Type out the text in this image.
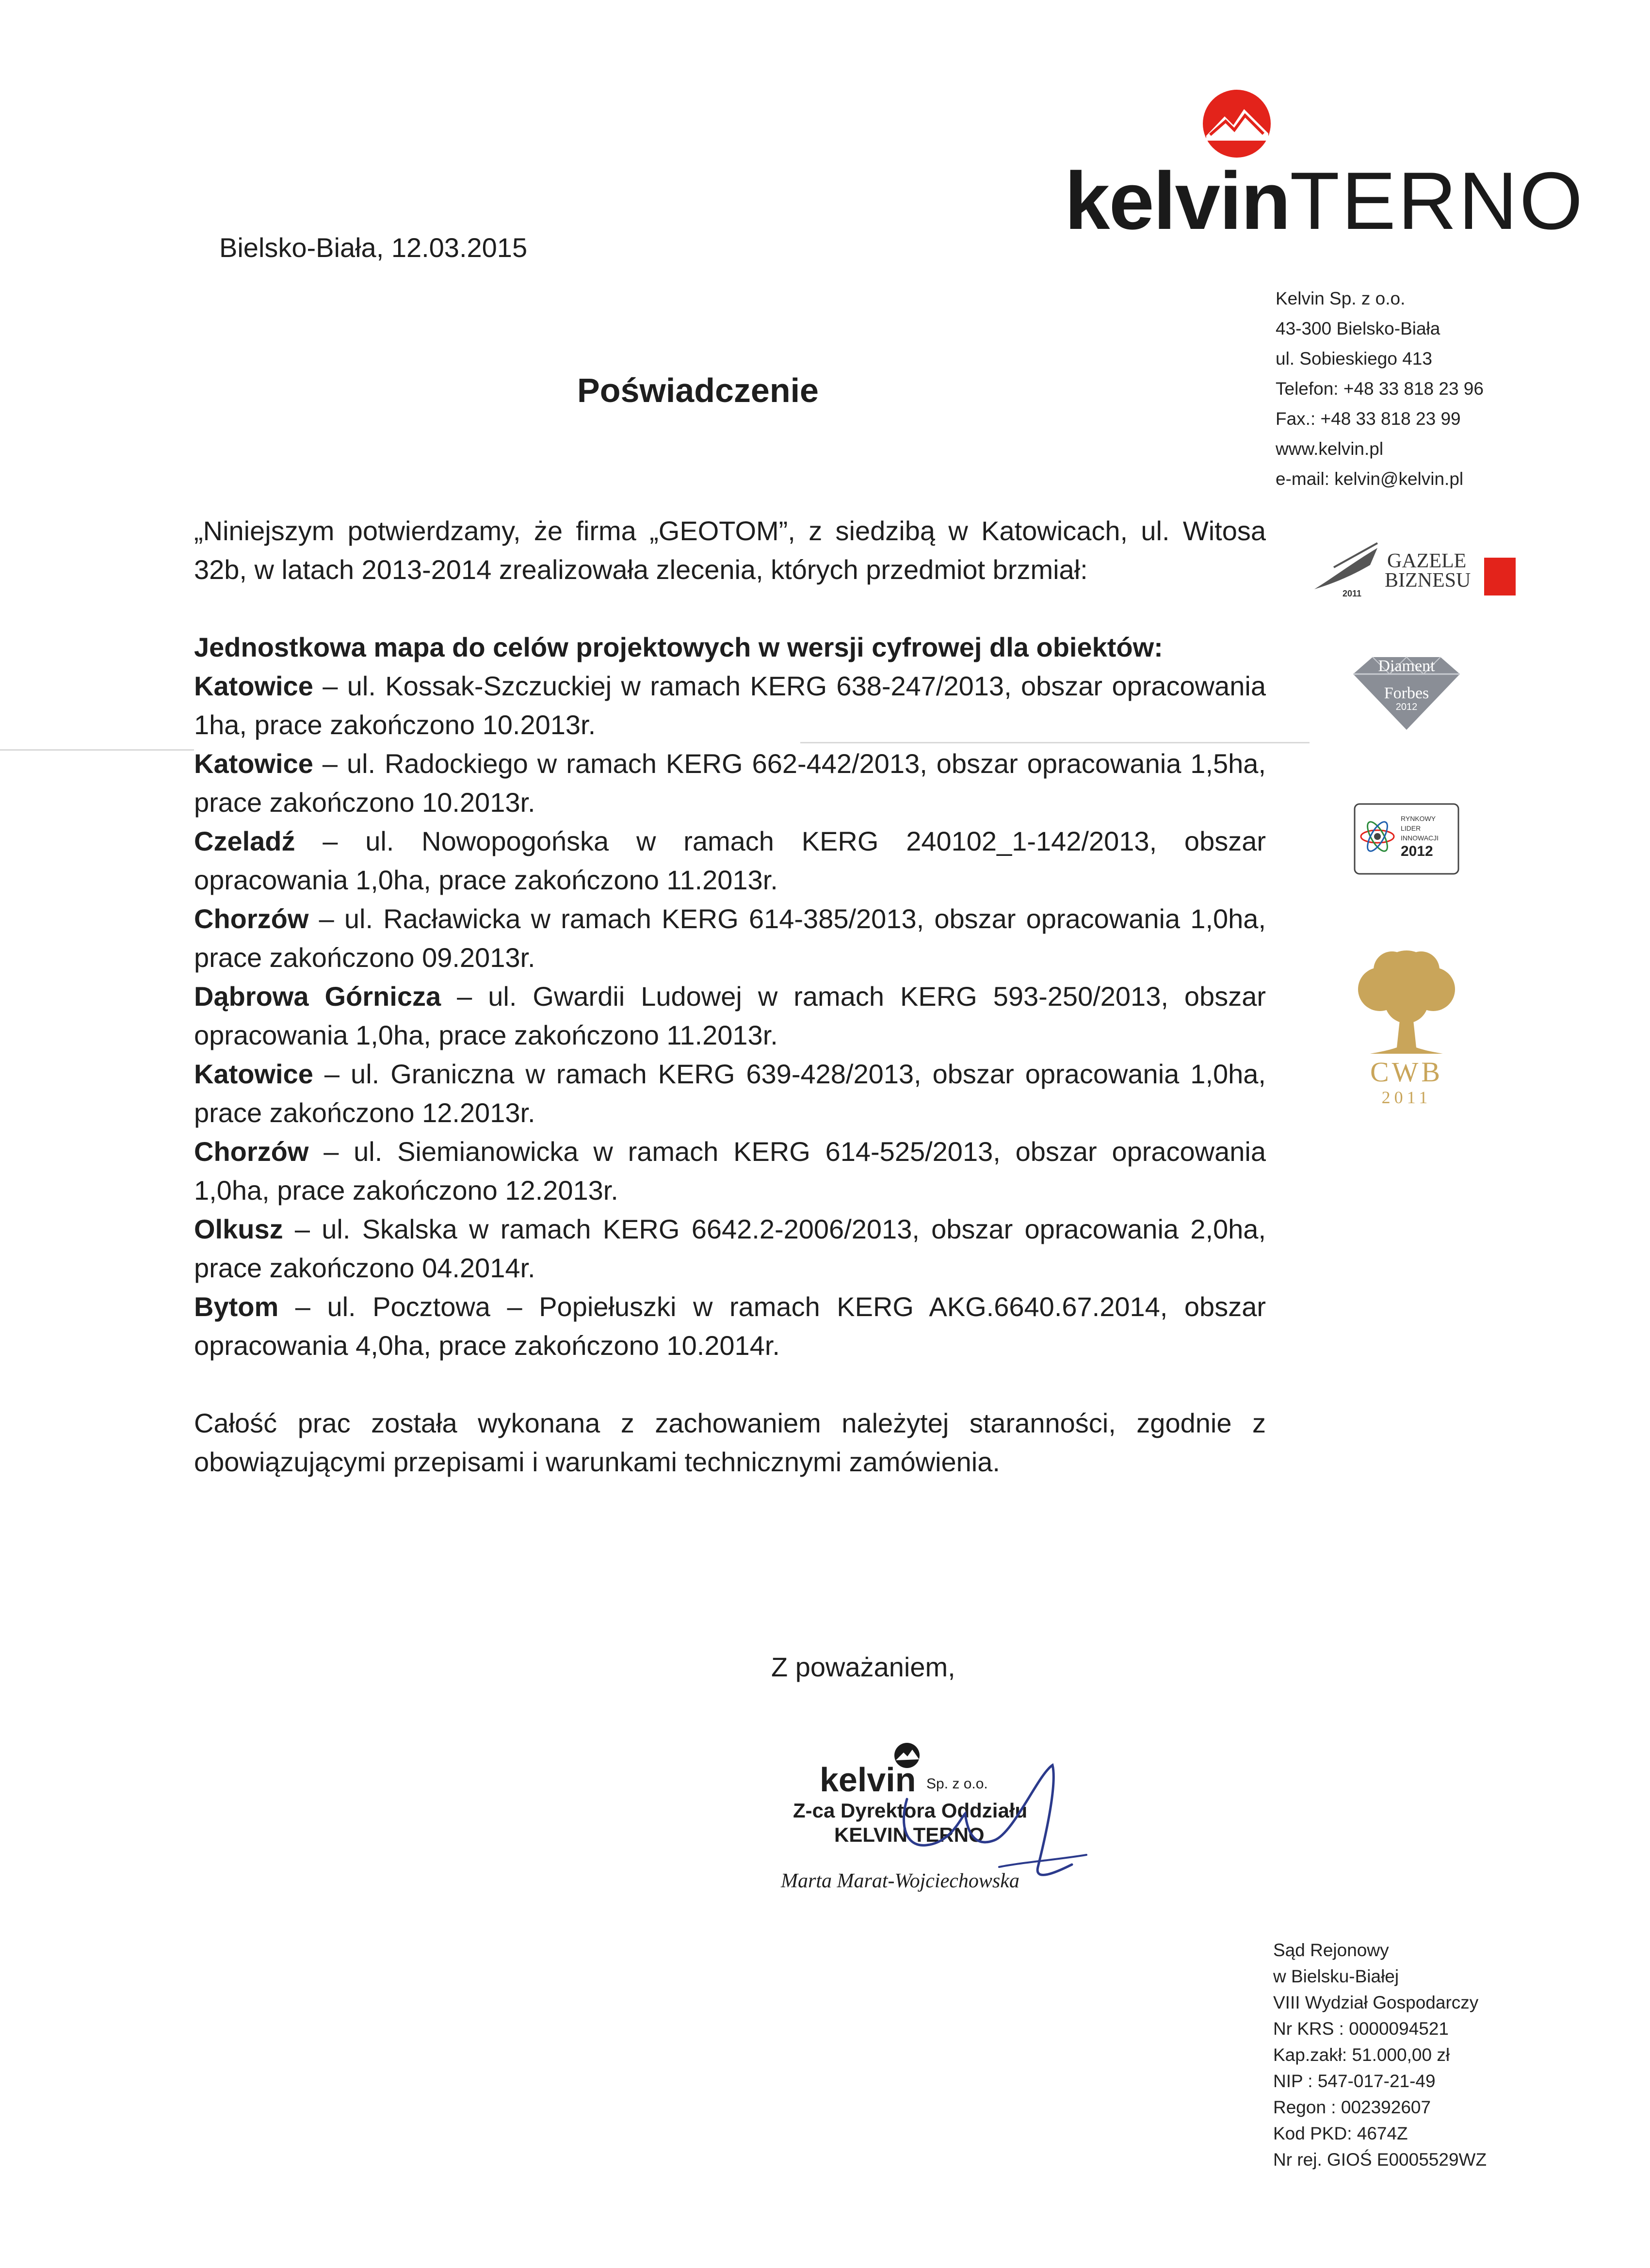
kelvinTERNO
Bielsko-Biała, 12.03.2015
Kelvin Sp. z o.o.
43-300 Bielsko-Biała
ul. Sobieskiego 413
Telefon: +48 33 818 23 96
Fax.: +48 33 818 23 99
www.kelvin.pl
e-mail: kelvin@kelvin.pl
Poświadczenie

„Niniejszym potwierdzamy, że firma „GEOTOM”, z siedzibą w Katowicach, ul. Witosa 32b, w latach 2013-2014 zrealizowała zlecenia, których przedmiot brzmiał:

Jednostkowa mapa do celów projektowych w wersji cyfrowej dla obiektów:

Katowice – ul. Kossak-Szczuckiej w ramach KERG 638-247/2013, obszar opracowania 1ha, prace zakończono 10.2013r.

Katowice – ul. Radockiego w ramach KERG 662-442/2013, obszar opracowania 1,5ha, prace zakończono 10.2013r.

Czeladź – ul. Nowopogońska w ramach KERG 240102_1-142/2013, obszar opracowania 1,0ha, prace zakończono 11.2013r.

Chorzów – ul. Racławicka w ramach KERG 614-385/2013, obszar opracowania 1,0ha, prace zakończono 09.2013r.

Dąbrowa Górnicza – ul. Gwardii Ludowej w ramach KERG 593-250/2013, obszar opracowania 1,0ha, prace zakończono 11.2013r.

Katowice – ul. Graniczna w ramach KERG 639-428/2013, obszar opracowania 1,0ha, prace zakończono 12.2013r.

Chorzów – ul. Siemianowicka w ramach KERG 614-525/2013, obszar opracowania 1,0ha, prace zakończono 12.2013r.

Olkusz – ul. Skalska w ramach KERG 6642.2-2006/2013, obszar opracowania 2,0ha, prace zakończono 04.2014r.

Bytom – ul. Pocztowa – Popiełuszki w ramach KERG AKG.6640.67.2014, obszar opracowania 4,0ha, prace zakończono 10.2014r.

Całość prac została wykonana z zachowaniem należytej staranności, zgodnie z obowiązującymi przepisami i warunkami technicznymi zamówienia.

Z poważaniem,
kelvin Sp. z o.o.
Z-ca Dyrektora Oddziału
KELVIN TERNO
Marta Marat-Wojciechowska
Sąd Rejonowy
w Bielsku-Białej
VIII Wydział Gospodarczy
Nr KRS : 0000094521
Kap.zakł: 51.000,00 zł
NIP : 547-017-21-49
Regon : 002392607
Kod PKD: 4674Z
Nr rej. GIOŚ E0005529WZ
GAZELE
BIZNESU
2011
Diament
Forbes
2012
RYNKOWY
LIDER
INNOWACJI
2012
CWB
2011
